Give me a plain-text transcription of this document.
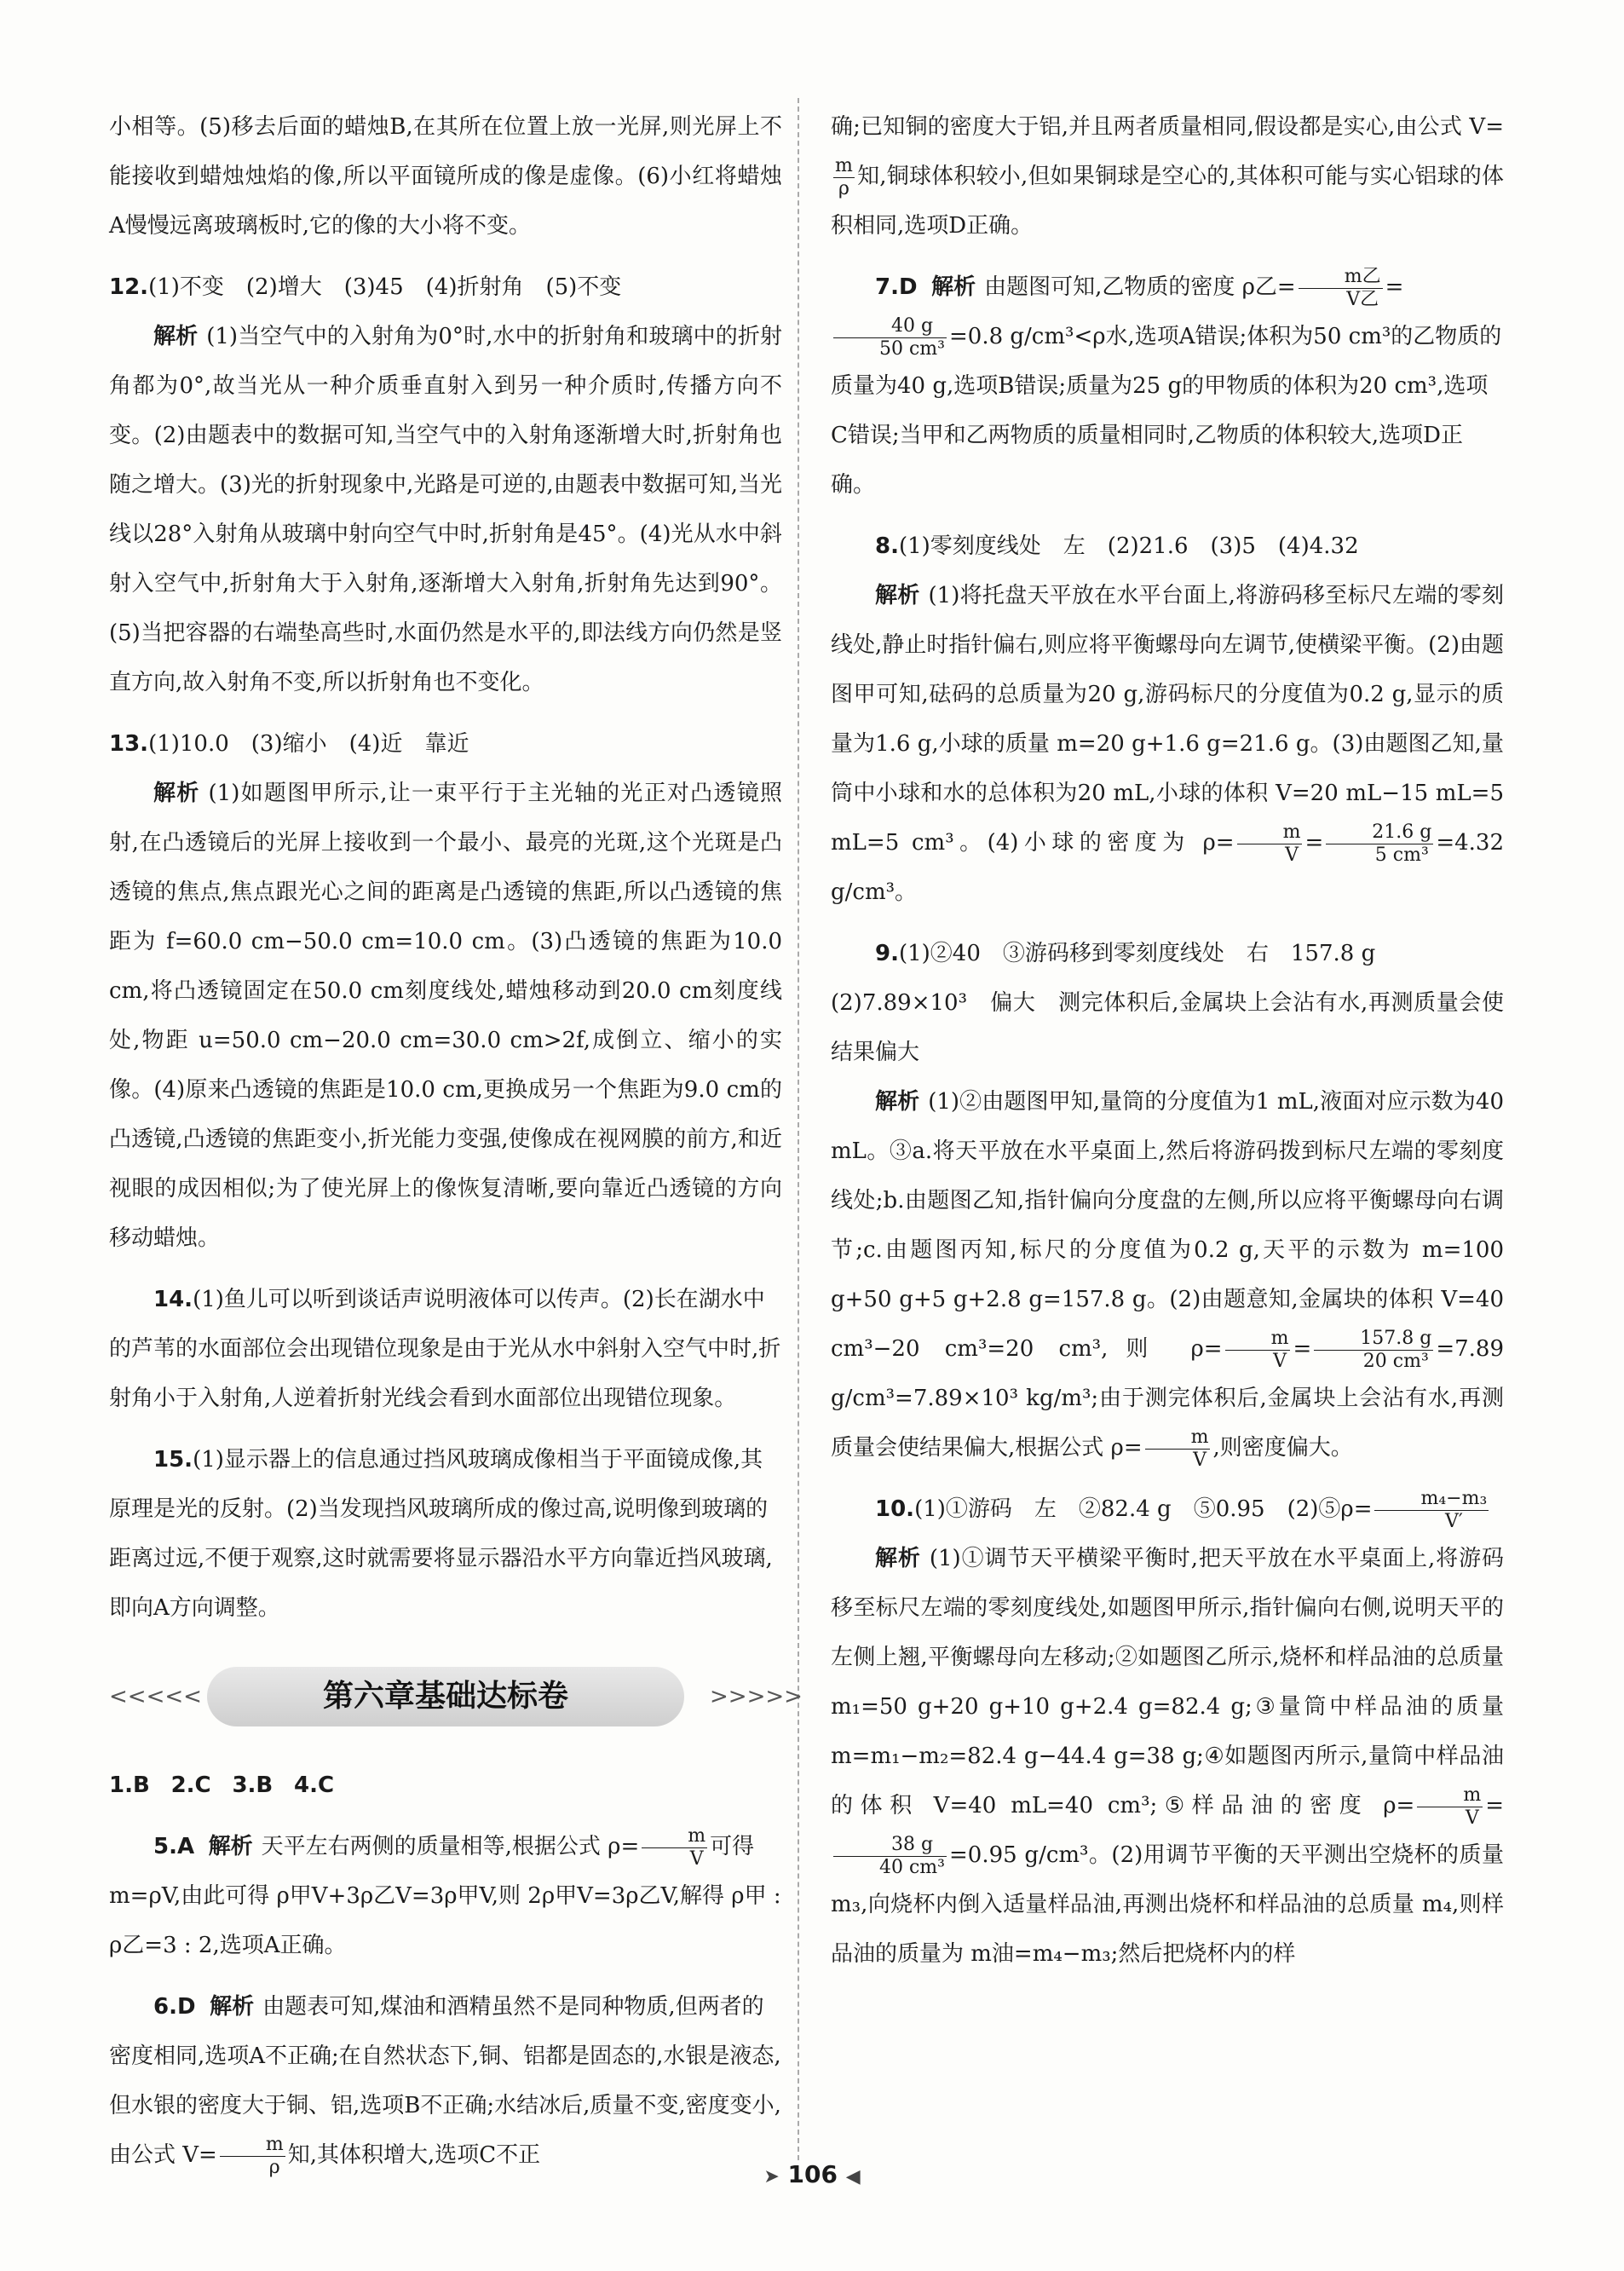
小相等。(5)移去后面的蜡烛B,在其所在位置上放一光屏,则光屏上不能接收到蜡烛烛焰的像,所以平面镜所成的像是虚像。(6)小红将蜡烛A慢慢远离玻璃板时,它的像的大小将不变。

12.(1)不变　(2)增大　(3)45　(4)折射角　(5)不变

解析 (1)当空气中的入射角为0°时,水中的折射角和玻璃中的折射角都为0°,故当光从一种介质垂直射入到另一种介质时,传播方向不变。(2)由题表中的数据可知,当空气中的入射角逐渐增大时,折射角也随之增大。(3)光的折射现象中,光路是可逆的,由题表中数据可知,当光线以28°入射角从玻璃中射向空气中时,折射角是45°。(4)光从水中斜射入空气中,折射角大于入射角,逐渐增大入射角,折射角先达到90°。(5)当把容器的右端垫高些时,水面仍然是水平的,即法线方向仍然是竖直方向,故入射角不变,所以折射角也不变化。

13.(1)10.0　(3)缩小　(4)近　靠近

解析 (1)如题图甲所示,让一束平行于主光轴的光正对凸透镜照射,在凸透镜后的光屏上接收到一个最小、最亮的光斑,这个光斑是凸透镜的焦点,焦点跟光心之间的距离是凸透镜的焦距,所以凸透镜的焦距为 f=60.0 cm−50.0 cm=10.0 cm。(3)凸透镜的焦距为10.0 cm,将凸透镜固定在50.0 cm刻度线处,蜡烛移动到20.0 cm刻度线处,物距 u=50.0 cm−20.0 cm=30.0 cm>2f,成倒立、缩小的实像。(4)原来凸透镜的焦距是10.0 cm,更换成另一个焦距为9.0 cm的凸透镜,凸透镜的焦距变小,折光能力变强,使像成在视网膜的前方,和近视眼的成因相似;为了使光屏上的像恢复清晰,要向靠近凸透镜的方向移动蜡烛。

14.(1)鱼儿可以听到谈话声说明液体可以传声。(2)长在湖水中的芦苇的水面部位会出现错位现象是由于光从水中斜射入空气中时,折射角小于入射角,人逆着折射光线会看到水面部位出现错位现象。

15.(1)显示器上的信息通过挡风玻璃成像相当于平面镜成像,其原理是光的反射。(2)当发现挡风玻璃所成的像过高,说明像到玻璃的距离过远,不便于观察,这时就需要将显示器沿水平方向靠近挡风玻璃,即向A方向调整。

<<<<<	第六章基础达标卷	>>>>>

1.B 2.C 3.B 4.C

5.A 解析 天平左右两侧的质量相等,根据公式 $\rho= \frac{m}{V}$ 可得 m=ρV,由此可得 ρ甲V+3ρ乙V=3ρ甲V,则 2ρ甲V=3ρ乙V,解得 ρ甲 : ρ乙=3 : 2,选项A正确。

6.D 解析 由题表可知,煤油和酒精虽然不是同种物质,但两者的密度相同,选项A不正确;在自然状态下,铜、铝都是固态的,水银是液态,但水银的密度大于铜、铝,选项B不正确;水结冰后,质量不变,密度变小,由公式 $V= \frac{m}{\rho}$ 知,其体积增大,选项C不正

确;已知铜的密度大于铝,并且两者质量相同,假设都是实心,由公式 V=
$\frac{m}{\rho}$ 知,铜球体积较小,但如果铜球是空心的,其体积可能与实心铝球的体积相同,选项D正确。

7.D 解析 由题图可知,乙物质的密度 ρ乙= $\frac{\text{m乙}}{\text{V乙}}$ =
$\frac{40 g}{\text{50 cm³}} =0.8$ g/cm³<ρ水,选项A错误;体积为50 cm³的乙物质的质量为40 g,选项B错误;质量为25 g的甲物质的体积为20 cm³,选项C错误;当甲和乙两物质的质量相同时,乙物质的体积较大,选项D正确。

8.(1)零刻度线处　左　(2)21.6　(3)5　(4)4.32

解析 (1)将托盘天平放在水平台面上,将游码移至标尺左端的零刻线处,静止时指针偏右,则应将平衡螺母向左调节,使横梁平衡。(2)由题图甲可知,砝码的总质量为20 g,游码标尺的分度值为0.2 g,显示的质量为1.6 g,小球的质量 m=20 g+1.6 g=21.6 g。(3)由题图乙知,量筒中小球和水的总体积为20 mL,小球的体积 V=20 mL−15 mL=5 mL=5 cm³。(4)小球的密度为 $\rho= \frac{m}{V} = \frac{21.6 g}{\text{5 cm³}} =4.32$ g/cm³。

9.(1)②40　③游码移到零刻度线处　右　157.8 g

(2)7.89×10³　偏大　测完体积后,金属块上会沾有水,再测质量会使结果偏大

解析 (1)②由题图甲知,量筒的分度值为1 mL,液面对应示数为40 mL。③a.将天平放在水平桌面上,然后将游码拨到标尺左端的零刻度线处;b.由题图乙知,指针偏向分度盘的左侧,所以应将平衡螺母向右调节;c.由题图丙知,标尺的分度值为0.2 g,天平的示数为 m=100 g+50 g+5 g+2.8 g=157.8 g。(2)由题意知,金属块的体积 V=40 cm³−20 cm³=20 cm³,则 $\rho= \frac{m}{V} = \frac{157.8 g}{\text{20 cm³}} =7.89$ g/cm³=7.89×10³ kg/m³;由于测完体积后,金属块上会沾有水,再测质量会使结果偏大,根据公式 $\rho= \frac{m}{V}$ ,则密度偏大。

10.(1)①游码　左　②82.4 g　⑤0.95　(2)⑤ρ= $\frac{\text{m₄−m₃}}{V'}$

解析 (1)①调节天平横梁平衡时,把天平放在水平桌面上,将游码移至标尺左端的零刻度线处,如题图甲所示,指针偏向右侧,说明天平的左侧上翘,平衡螺母向左移动;②如题图乙所示,烧杯和样品油的总质量 m₁=50 g+20 g+10 g+2.4 g=82.4 g;③量筒中样品油的质量 m=m₁−m₂=82.4 g−44.4 g=38 g;④如题图丙所示,量筒中样品油的体积 V=40 mL=40 cm³;⑤样品油的密度 $\rho= \frac{m}{V}$ =
$\frac{38 g}{\text{40 cm³}} =0.95$ g/cm³。(2)用调节平衡的天平测出空烧杯的质量 m₃,向烧杯内倒入适量样品油,再测出烧杯和样品油的总质量 m₄,则样品油的质量为 m油=m₄−m₃;然后把烧杯内的样

➤ 106 ◀
